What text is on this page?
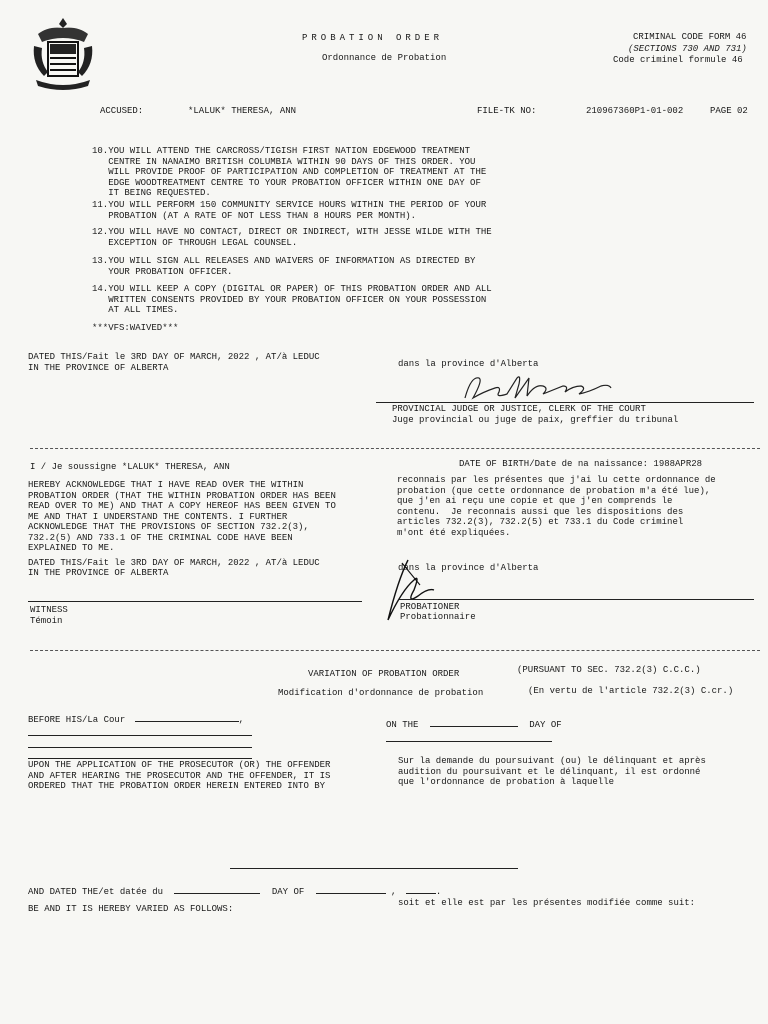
PROBATION ORDER
Ordonnance de Probation
CRIMINAL CODE FORM 46
(SECTIONS 730 AND 731)
Code criminel formule 46
ACCUSED:	*LALUK* THERESA, ANN	FILE-TK NO:	210967360P1-01-002	PAGE 02
10.YOU WILL ATTEND THE CARCROSS/TIGISH FIRST NATION EDGEWOOD TREATMENT
CENTRE IN NANAIMO BRITISH COLUMBIA WITHIN 90 DAYS OF THIS ORDER. YOU
WILL PROVIDE PROOF OF PARTICIPATION AND COMPLETION OF TREATMENT AT THE
EDGE WOODTREATMENT CENTRE TO YOUR PROBATION OFFICER WITHIN ONE DAY OF
IT BEING REQUESTED.
11.YOU WILL PERFORM 150 COMMUNITY SERVICE HOURS WITHIN THE PERIOD OF YOUR
PROBATION (AT A RATE OF NOT LESS THAN 8 HOURS PER MONTH).
12.YOU WILL HAVE NO CONTACT, DIRECT OR INDIRECT, WITH JESSE WILDE WITH THE
EXCEPTION OF THROUGH LEGAL COUNSEL.
13.YOU WILL SIGN ALL RELEASES AND WAIVERS OF INFORMATION AS DIRECTED BY
YOUR PROBATION OFFICER.
14.YOU WILL KEEP A COPY (DIGITAL OR PAPER) OF THIS PROBATION ORDER AND ALL
WRITTEN CONSENTS PROVIDED BY YOUR PROBATION OFFICER ON YOUR POSSESSION
AT ALL TIMES.
***VFS:WAIVED***
DATED THIS/Fait le 3RD DAY OF MARCH, 2022 , AT/à LEDUC
IN THE PROVINCE OF ALBERTA	dans la province d'Alberta
PROVINCIAL JUDGE OR JUSTICE, CLERK OF THE COURT
Juge provincial ou juge de paix, greffier du tribunal
I / Je soussigne *LALUK* THERESA, ANN	DATE OF BIRTH/Date de na naissance: 1988APR28
HEREBY ACKNOWLEDGE THAT I HAVE READ OVER THE WITHIN
PROBATION ORDER (THAT THE WITHIN PROBATION ORDER HAS BEEN
READ OVER TO ME) AND THAT A COPY HEREOF HAS BEEN GIVEN TO
ME AND THAT I UNDERSTAND THE CONTENTS. I FURTHER
ACKNOWLEDGE THAT THE PROVISIONS OF SECTION 732.2(3),
732.2(5) AND 733.1 OF THE CRIMINAL CODE HAVE BEEN
EXPLAINED TO ME.
reconnais par les présentes que j'ai lu cette ordonnance de
probation (que cette ordonnance de probation m'a été lue),
que j'en ai reçu une copie et que j'en comprends le
contenu.  Je reconnais aussi que les dispositions des
articles 732.2(3), 732.2(5) et 733.1 du Code criminel
m'ont été expliquées.
DATED THIS/Fait le 3RD DAY OF MARCH, 2022 , AT/à LEDUC
IN THE PROVINCE OF ALBERTA	dans la province d'Alberta
WITNESS
Témoin
PROBATIONER
Probationnaire
VARIATION OF PROBATION ORDER	(PURSUANT TO SEC. 732.2(3) C.C.C.)
Modification d'ordonnance de probation	(En vertu de l'article 732.2(3) C.cr.)
BEFORE HIS/La Cour	,	ON THE	DAY OF
UPON THE APPLICATION OF THE PROSECUTOR (OR) THE OFFENDER
AND AFTER HEARING THE PROSECUTOR AND THE OFFENDER, IT IS
ORDERED THAT THE PROBATION ORDER HEREIN ENTERED INTO BY
Sur la demande du poursuivant (ou) le délinquant et après
audition du poursuivant et le délinquant, il est ordonné
que l'ordonnance de probation à laquelle
AND DATED THE/et datée du	DAY OF	,	.
BE AND IT IS HEREBY VARIED AS FOLLOWS:
soit et elle est par les présentes modifiée comme suit:
